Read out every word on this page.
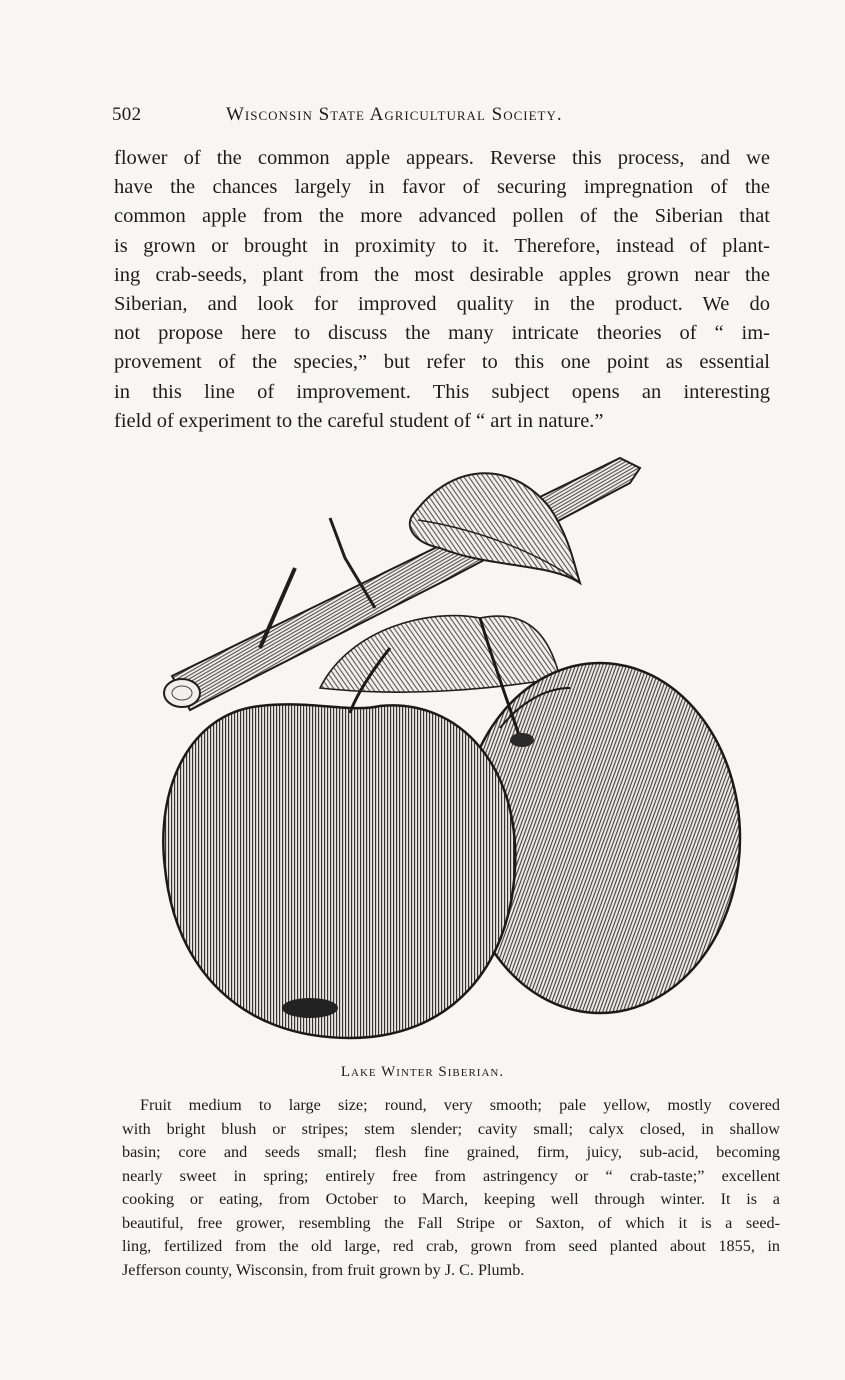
502	Wisconsin State Agricultural Society.
flower of the common apple appears. Reverse this process, and we
have the chances largely in favor of securing impregnation of the
common apple from the more advanced pollen of the Siberian that
is grown or brought in proximity to it. Therefore, instead of plant-
ing crab-seeds, plant from the most desirable apples grown near the
Siberian, and look for improved quality in the product. We do
not propose here to discuss the many intricate theories of “ im-
provement of the species,” but refer to this one point as essential
in this line of improvement. This subject opens an interesting
field of experiment to the careful student of “ art in nature.”
Lake Winter Siberian.
Fruit medium to large size; round, very smooth; pale yellow, mostly covered
with bright blush or stripes; stem slender; cavity small; calyx closed, in shallow
basin; core and seeds small; flesh fine grained, firm, juicy, sub-acid, becoming
nearly sweet in spring; entirely free from astringency or “ crab-taste;” excellent
cooking or eating, from October to March, keeping well through winter. It is a
beautiful, free grower, resembling the Fall Stripe or Saxton, of which it is a seed-
ling, fertilized from the old large, red crab, grown from seed planted about 1855, in
Jefferson county, Wisconsin, from fruit grown by J. C. Plumb.
